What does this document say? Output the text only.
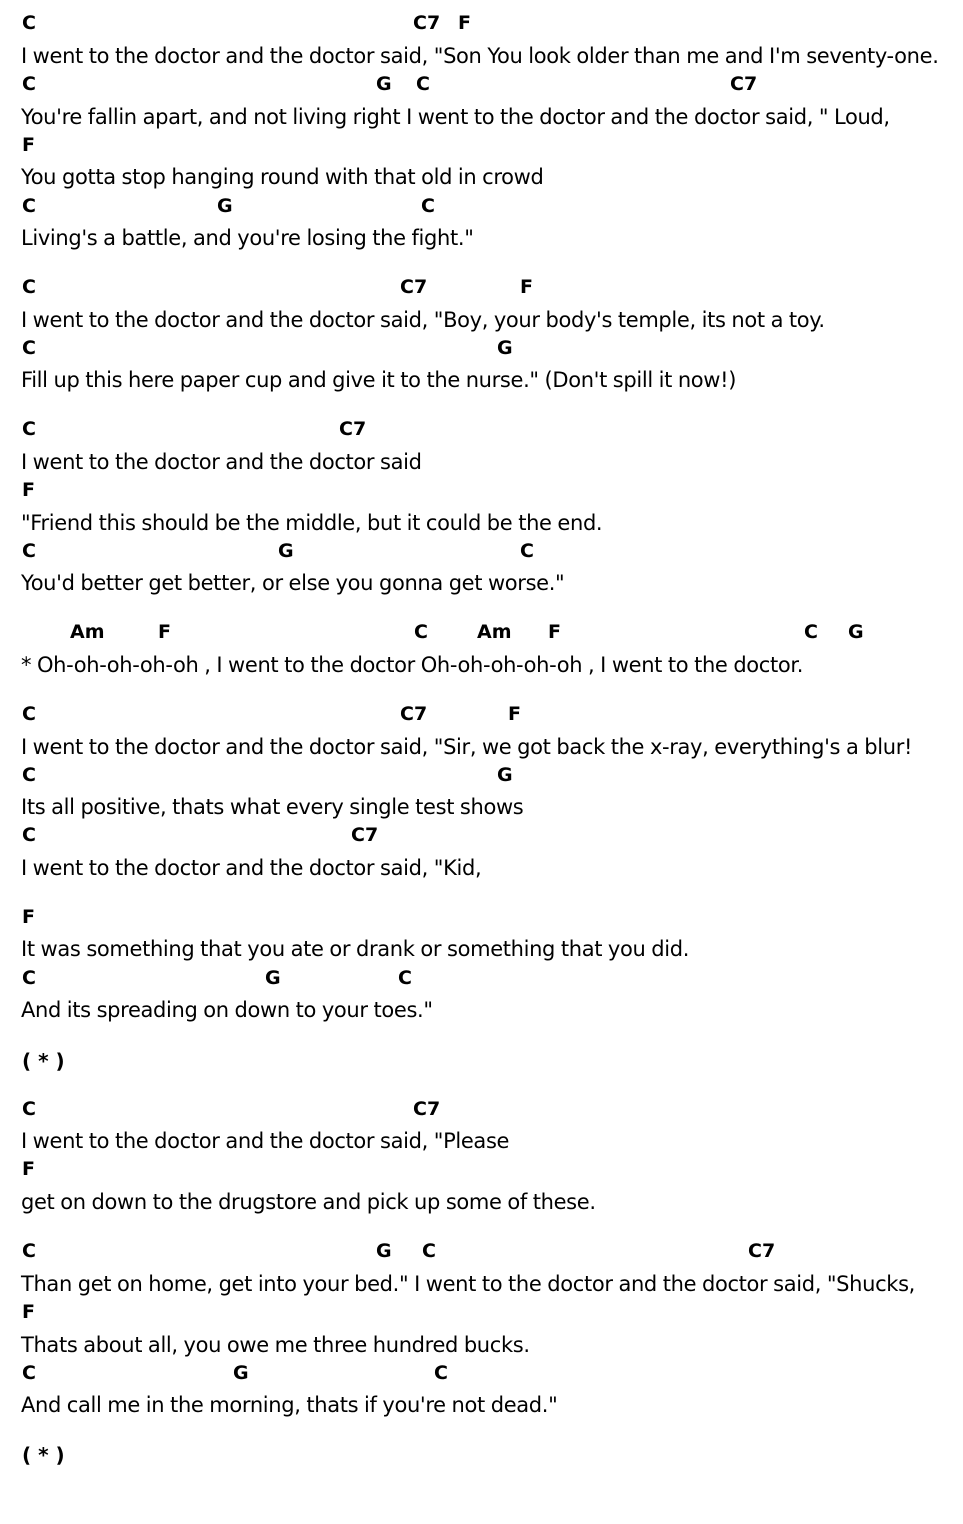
C	C7 F
I went to the doctor and the doctor said, "Son You look older than me and I'm seventy-one.
C	G C	C7
You're fallin apart, and not living right I went to the doctor and the doctor said, " Loud,
F
You gotta stop hanging round with that old in crowd
C	G	C
Living's a battle, and you're losing the fight."
C	C7	F
I went to the doctor and the doctor said, "Boy, your body's temple, its not a toy.
C	G
Fill up this here paper cup and give it to the nurse." (Don't spill it now!)
C	C7
I went to the doctor and the doctor said
F
"Friend this should be the middle, but it could be the end.
C	G	C
You'd better get better, or else you gonna get worse."
Am	F	C	Am F	C G
* Oh-oh-oh-oh-oh , I went to the doctor Oh-oh-oh-oh-oh , I went to the doctor.
C	C7	F
I went to the doctor and the doctor said, "Sir, we got back the x-ray, everything's a blur!
C	G
Its all positive, thats what every single test shows
C	C7
I went to the doctor and the doctor said, "Kid,
F
It was something that you ate or drank or something that you did.
C	G	C
And its spreading on down to your toes."
( * )
C	C7
I went to the doctor and the doctor said, "Please
F
get on down to the drugstore and pick up some of these.
C	G C	C7
Than get on home, get into your bed." I went to the doctor and the doctor said, "Shucks,
F
Thats about all, you owe me three hundred bucks.
C	G	C
And call me in the morning, thats if you're not dead."
( * )
